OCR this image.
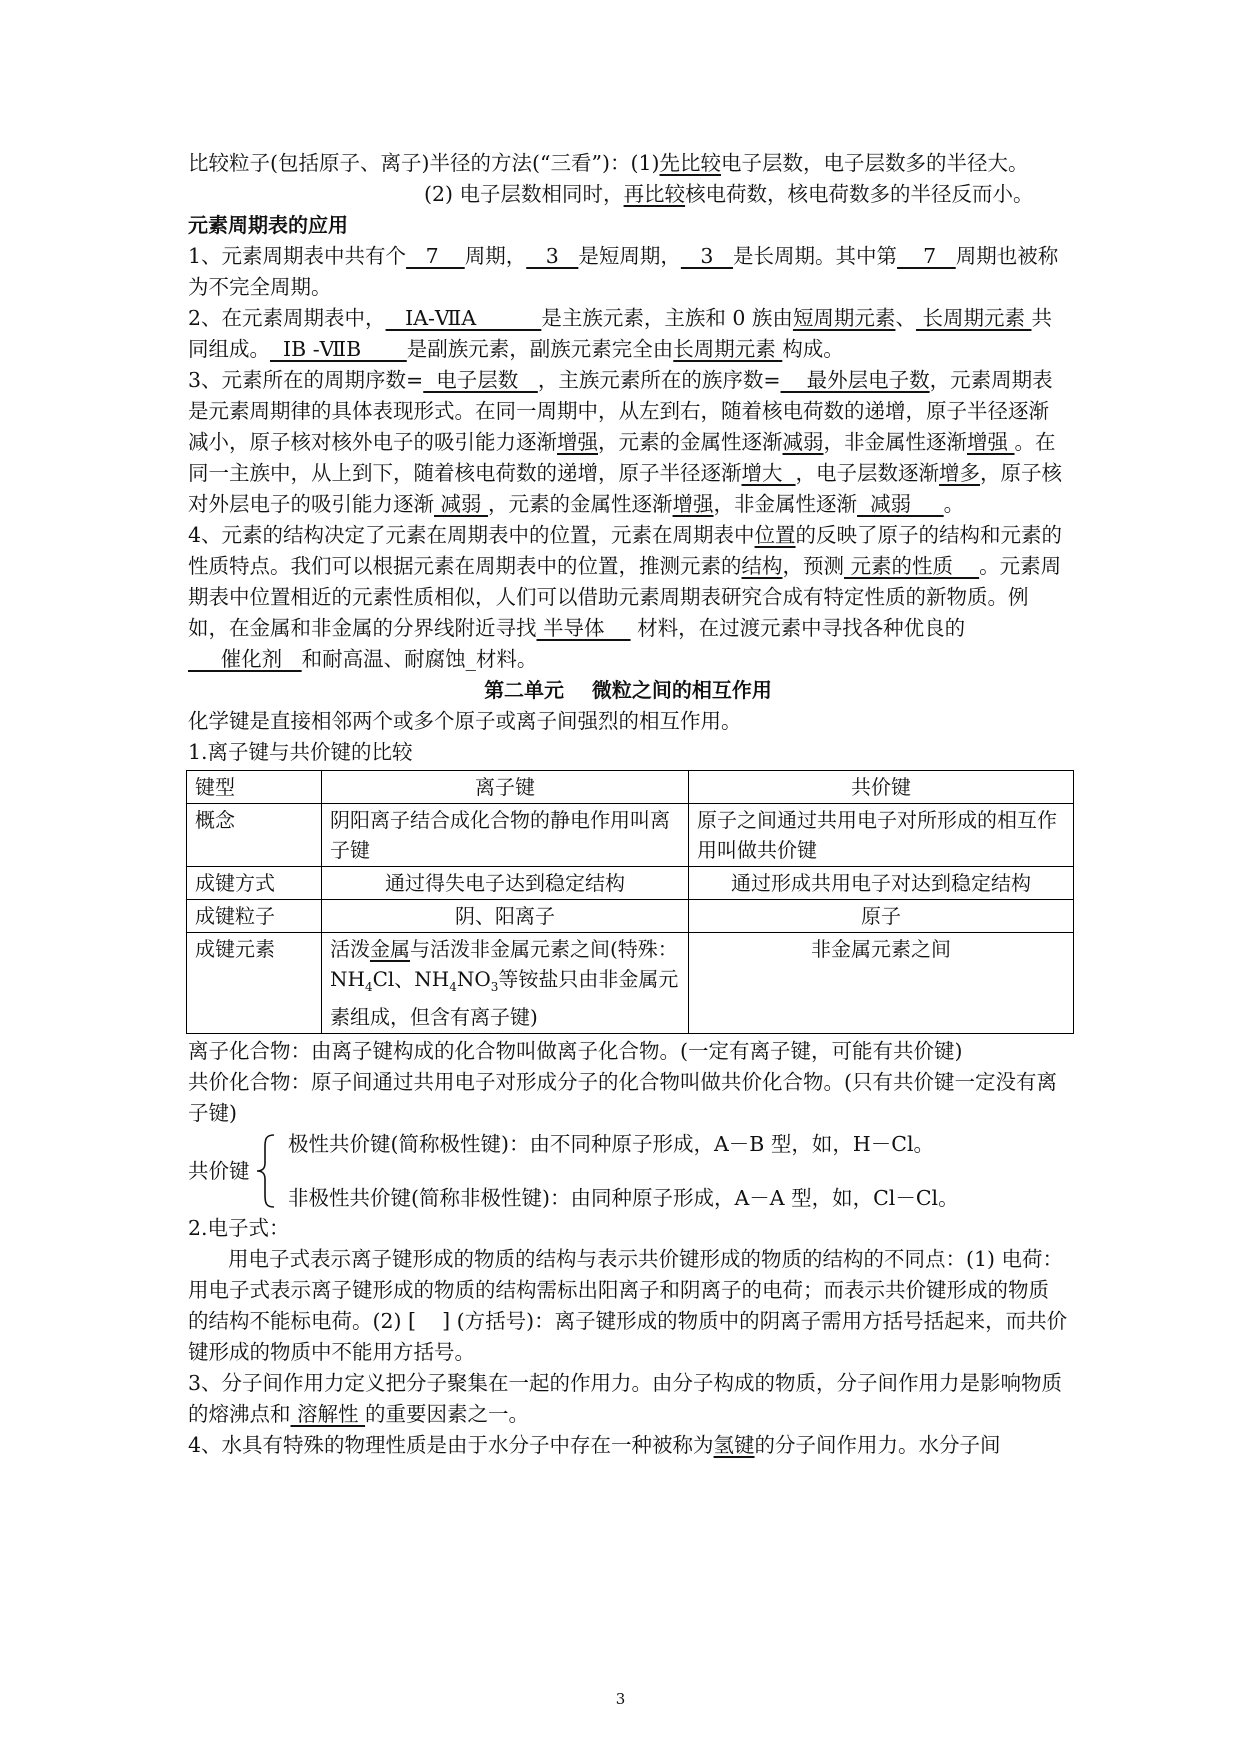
比较粒子(包括原子、离子)半径的方法(“三看”)：(1)先比较电子层数，电子层数多的半径大。

(2) 电子层数相同时，再比较核电荷数，核电荷数多的半径反而小。

元素周期表的应用

1、元素周期表中共有个   7    周期，   3   是短周期，   3   是长周期。其中第    7   周期也被称为不完全周期。

2、在元素周期表中，   ⅠA-ⅦA          是主族元素，主族和 0 族由短周期元素、 长周期元素 共同组成。  ⅠB -ⅦB       是副族元素，副族元素完全由长周期元素 构成。

3、元素所在的周期序数=  电子层数   ，主族元素所在的族序数=    最外层电子数，元素周期表是元素周期律的具体表现形式。在同一周期中，从左到右，随着核电荷数的递增，原子半径逐渐减小，原子核对核外电子的吸引能力逐渐增强，元素的金属性逐渐减弱，非金属性逐渐增强 。在同一主族中，从上到下，随着核电荷数的递增，原子半径逐渐增大  ，电子层数逐渐增多，原子核对外层电子的吸引能力逐渐 减弱 ，元素的金属性逐渐增强，非金属性逐渐  减弱     。

4、元素的结构决定了元素在周期表中的位置，元素在周期表中位置的反映了原子的结构和元素的性质特点。我们可以根据元素在周期表中的位置，推测元素的结构，预测 元素的性质    。元素周期表中位置相近的元素性质相似，人们可以借助元素周期表研究合成有特定性质的新物质。例如，在金属和非金属的分界线附近寻找 半导体     材料，在过渡元素中寻找各种优良的     催化剂   和耐高温、耐腐蚀_材料。

第二单元    微粒之间的相互作用

化学键是直接相邻两个或多个原子或离子间强烈的相互作用。

1.离子键与共价键的比较

键型	离子键	共价键
概念	阴阳离子结合成化合物的静电作用叫离子键	原子之间通过共用电子对所形成的相互作用叫做共价键
成键方式	通过得失电子达到稳定结构	通过形成共用电子对达到稳定结构
成键粒子	阴、阳离子	原子
成键元素	活泼金属与活泼非金属元素之间(特殊：$NH_4Cl$、$NH_4NO_3$等铵盐只由非金属元素组成，但含有离子键)	非金属元素之间

离子化合物：由离子键构成的化合物叫做离子化合物。(一定有离子键，可能有共价键)

共价化合物：原子间通过共用电子对形成分子的化合物叫做共价化合物。(只有共价键一定没有离子键)

共价键
极性共价键(简称极性键)：由不同种原子形成，A－B 型，如，H－Cl。
非极性共价键(简称非极性键)：由同种原子形成，A－A 型，如，Cl－Cl。

2.电子式：

用电子式表示离子键形成的物质的结构与表示共价键形成的物质的结构的不同点：(1) 电荷：用电子式表示离子键形成的物质的结构需标出阳离子和阴离子的电荷；而表示共价键形成的物质的结构不能标电荷。(2) [    ] (方括号)：离子键形成的物质中的阴离子需用方括号括起来，而共价键形成的物质中不能用方括号。

3、分子间作用力定义把分子聚集在一起的作用力。由分子构成的物质，分子间作用力是影响物质的熔沸点和 溶解性 的重要因素之一。

4、水具有特殊的物理性质是由于水分子中存在一种被称为氢键的分子间作用力。水分子间

3
